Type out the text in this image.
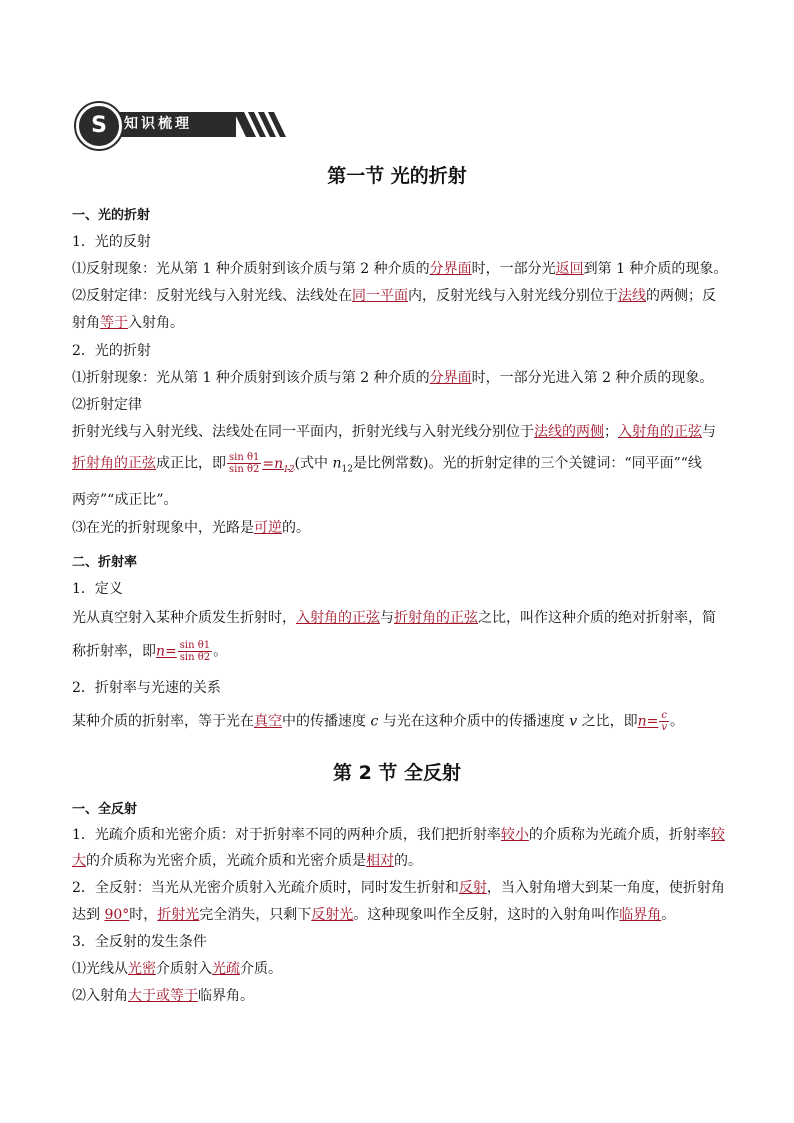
S	知识梳理
第一节 光的折射
一、光的折射
1．光的反射
⑴反射现象：光从第 1 种介质射到该介质与第 2 种介质的分界面时，一部分光返回到第 1 种介质的现象。
⑵反射定律：反射光线与入射光线、法线处在同一平面内，反射光线与入射光线分别位于法线的两侧；反
射角等于入射角。
2．光的折射
⑴折射现象：光从第 1 种介质射到该介质与第 2 种介质的分界面时，一部分光进入第 2 种介质的现象。
⑵折射定律
折射光线与入射光线、法线处在同一平面内，折射光线与入射光线分别位于法线的两侧；入射角的正弦与
折射角的正弦成正比，即 $\frac{\text{sin θ1}}{\text{sin θ2}} =n_{12}$(式中 $n_{12}$是比例常数)。光的折射定律的三个关键词：“同平面”“线
两旁”“成正比”。
⑶在光的折射现象中，光路是可逆的。
二、折射率
1．定义
光从真空射入某种介质发生折射时，入射角的正弦与折射角的正弦之比，叫作这种介质的绝对折射率，简
称折射率，即$n= \frac{\text{sin θ1}}{\text{sin θ2}}$ 。
2．折射率与光速的关系
某种介质的折射率，等于光在真空中的传播速度 c 与光在这种介质中的传播速度 v 之比，即$n= \frac{c}{v}$ 。
第 2 节 全反射
一、全反射
1．光疏介质和光密介质：对于折射率不同的两种介质，我们把折射率较小的介质称为光疏介质，折射率较
大的介质称为光密介质，光疏介质和光密介质是相对的。
2．全反射：当光从光密介质射入光疏介质时，同时发生折射和反射，当入射角增大到某一角度，使折射角
达到 90°时，折射光完全消失，只剩下反射光。这种现象叫作全反射，这时的入射角叫作临界角。
3．全反射的发生条件
⑴光线从光密介质射入光疏介质。
⑵入射角大于或等于临界角。
